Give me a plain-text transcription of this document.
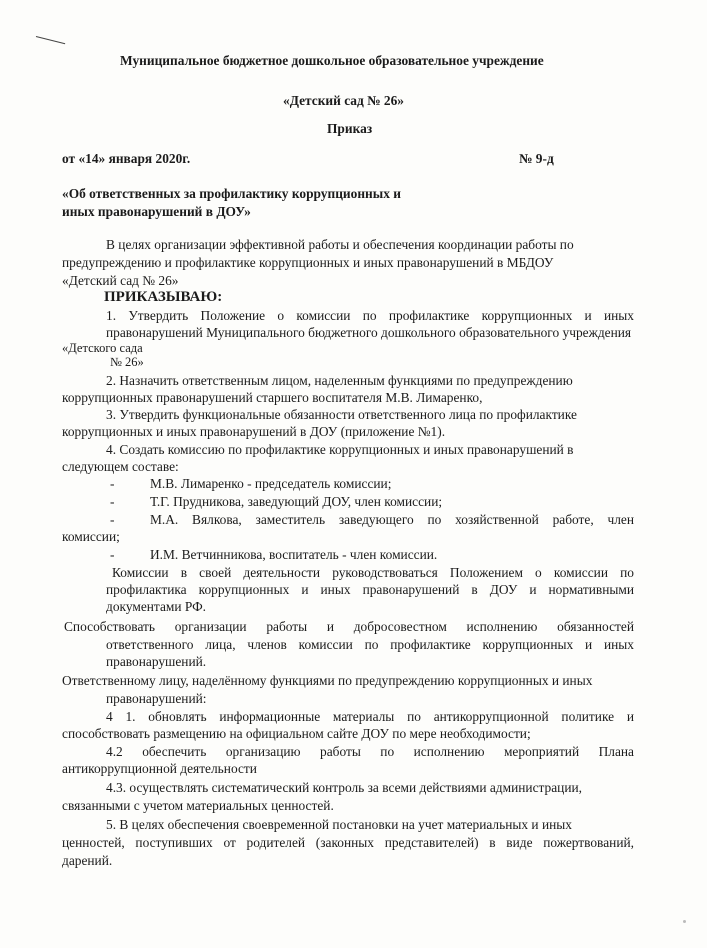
Муниципальное бюджетное дошкольное образовательное учреждение
«Детский сад № 26»
Приказ
от «14» января 2020г.	№ 9-д
«Об ответственных за профилактику коррупционных и
иных правонарушений в ДОУ»
В целях организации эффективной работы и обеспечения координации работы по
предупреждению и профилактике коррупционных и иных правонарушений в МБДОУ
«Детский сад № 26»
ПРИКАЗЫВАЮ:
1. Утвердить Положение о комиссии по профилактике коррупционных и иных
правонарушений Муниципального бюджетного дошкольного образовательного учреждения
«Детского сада
№ 26»
2. Назначить ответственным лицом, наделенным функциями по предупреждению
коррупционных правонарушений старшего воспитателя М.В. Лимаренко,
3. Утвердить функциональные обязанности ответственного лица по профилактике
коррупционных и иных правонарушений в ДОУ (приложение №1).
4. Создать комиссию по профилактике коррупционных и иных правонарушений в
следующем составе:
-	М.В. Лимаренко - председатель комиссии;
-	Т.Г. Прудникова, заведующий ДОУ, член комиссии;
-	М.А. Вялкова, заместитель заведующего по хозяйственной работе, член
комиссии;
-	И.М. Ветчинникова, воспитатель - член комиссии.
Комиссии в своей деятельности руководствоваться Положением о комиссии по
профилактика коррупционных и иных правонарушений в ДОУ и нормативными
документами РФ.
Способствовать организации работы и добросовестном исполнению обязанностей
ответственного лица, членов комиссии по профилактике коррупционных и иных
правонарушений.
Ответственному лицу, наделённому функциями по предупреждению коррупционных и иных
правонарушений:
4 1. обновлять информационные материалы по антикоррупционной политике и
способствовать размещению на официальном сайте ДОУ по мере необходимости;
4.2 обеспечить организацию работы по исполнению мероприятий Плана
антикоррупционной деятельности
4.3. осуществлять систематический контроль за всеми действиями администрации,
связанными с учетом материальных ценностей.
5. В целях обеспечения своевременной постановки на учет материальных и иных
ценностей, поступивших от родителей (законных представителей) в виде пожертвований,
дарений.
